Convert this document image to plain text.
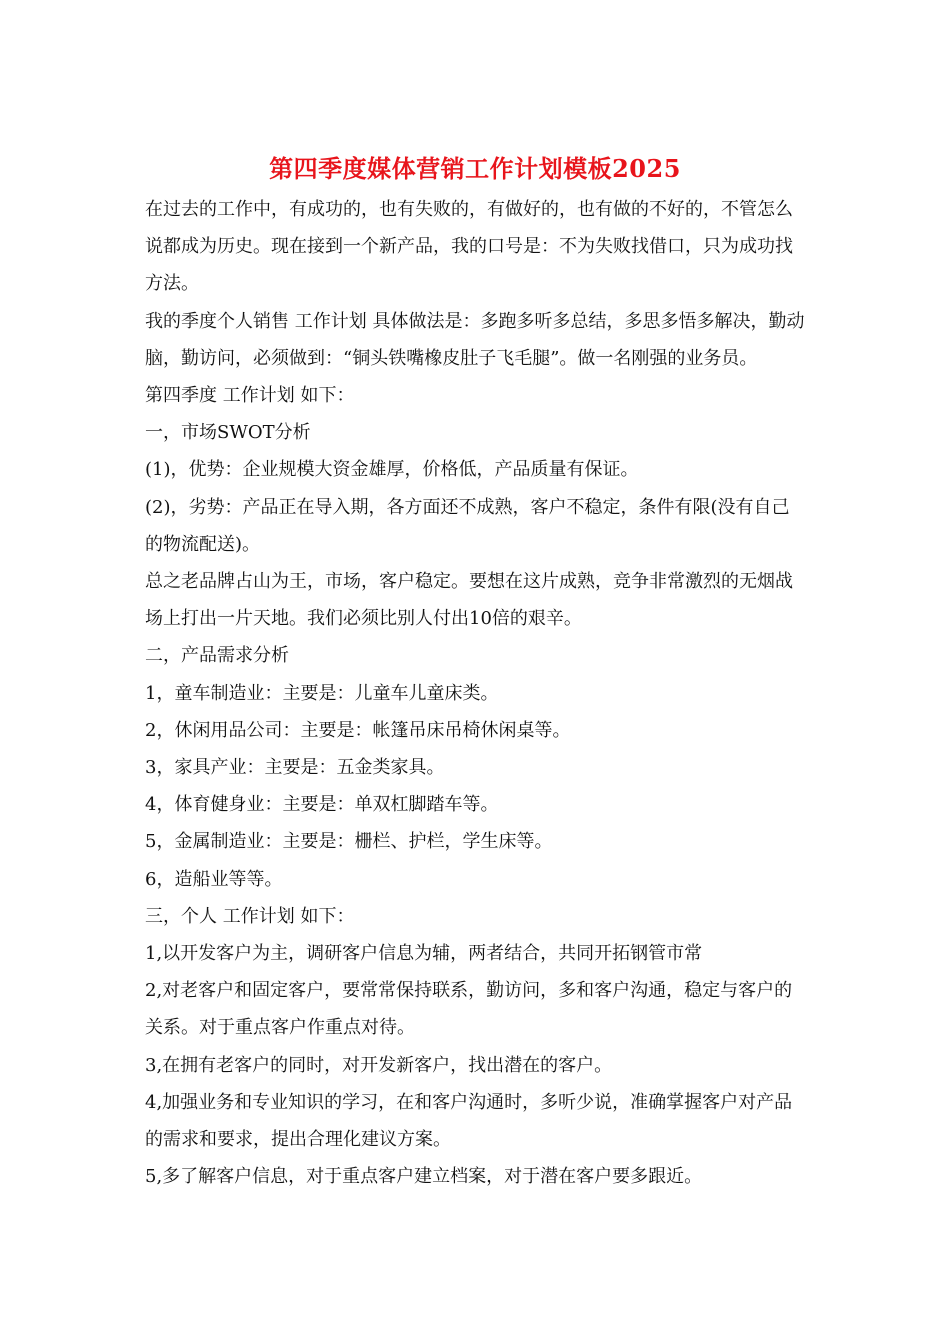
第四季度媒体营销工作计划模板2025

在过去的工作中，有成功的，也有失败的，有做好的，也有做的不好的，不管怎么说都成为历史。现在接到一个新产品，我的口号是：不为失败找借口，只为成功找方法。

我的季度个人销售 工作计划 具体做法是：多跑多听多总结，多思多悟多解决，勤动脑，勤访问，必须做到：“铜头铁嘴橡皮肚子飞毛腿”。做一名刚强的业务员。

第四季度 工作计划 如下：

一，市场SWOT分析

(1)，优势：企业规模大资金雄厚，价格低，产品质量有保证。

(2)，劣势：产品正在导入期，各方面还不成熟，客户不稳定，条件有限(没有自己的物流配送)。

总之老品牌占山为王，市场，客户稳定。要想在这片成熟，竞争非常激烈的无烟战场上打出一片天地。我们必须比别人付出10倍的艰辛。

二，产品需求分析

1，童车制造业：主要是：儿童车儿童床类。

2，休闲用品公司：主要是：帐篷吊床吊椅休闲桌等。

3，家具产业：主要是：五金类家具。

4，体育健身业：主要是：单双杠脚踏车等。

5，金属制造业：主要是：栅栏、护栏，学生床等。

6，造船业等等。

三，个人 工作计划 如下：

1,以开发客户为主，调研客户信息为辅，两者结合，共同开拓钢管市常

2,对老客户和固定客户，要常常保持联系，勤访问，多和客户沟通，稳定与客户的关系。对于重点客户作重点对待。

3,在拥有老客户的同时，对开发新客户，找出潜在的客户。

4,加强业务和专业知识的学习，在和客户沟通时，多听少说，准确掌握客户对产品的需求和要求，提出合理化建议方案。

5,多了解客户信息，对于重点客户建立档案，对于潜在客户要多跟近。
